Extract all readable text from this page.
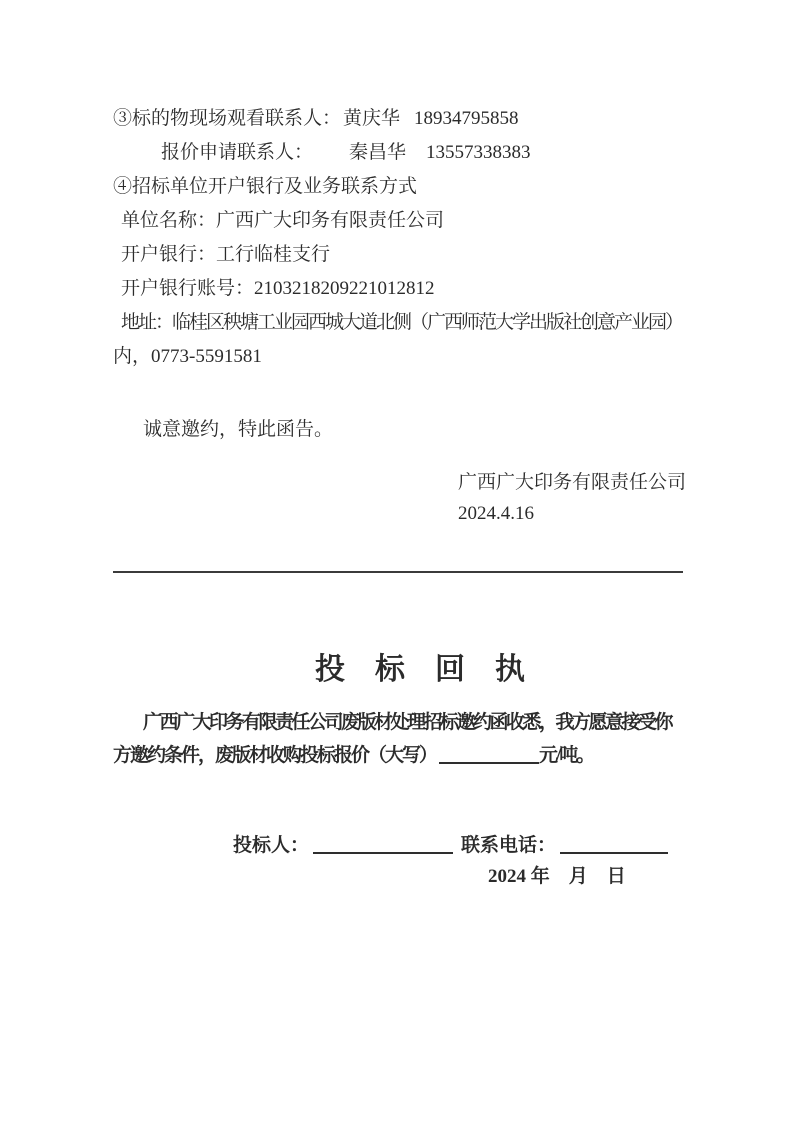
③标的物现场观看联系人： 黄庆华 18934795858
报价申请联系人： 秦昌华 13557338383
④招标单位开户银行及业务联系方式
单位名称：广西广大印务有限责任公司
开户银行：工行临桂支行
开户银行账号：2103218209221012812
地址：临桂区秧塘工业园西城大道北侧（广西师范大学出版社创意产业园）
内，0773-5591581
诚意邀约，特此函告。
广西广大印务有限责任公司
2024.4.16
投　标　回　执
广西广大印务有限责任公司废版材处理招标邀约函收悉，我方愿意接受你
方邀约条件，废版材收购投标报价（大写）	元/吨。
投标人：	联系电话：
2024 年　月　日
